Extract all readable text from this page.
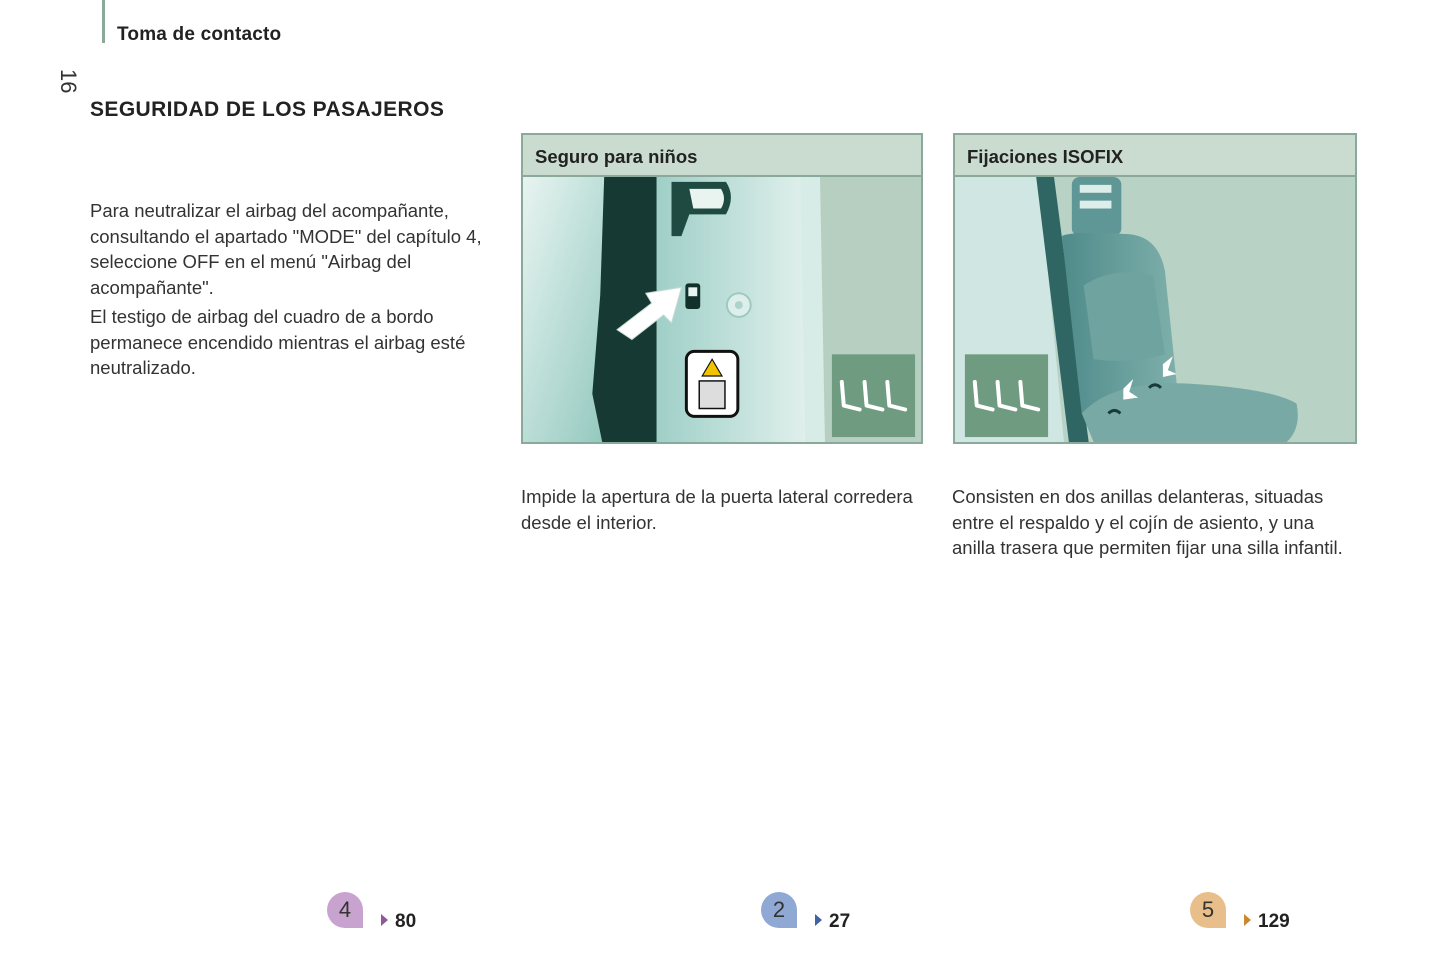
Toma de contacto
16
SEGURIDAD DE LOS PASAJEROS

Para neutralizar el airbag del acompañante, consultando el apartado "MODE" del capítulo 4, seleccione OFF en el menú "Airbag del acompañante".

El testigo de airbag del cuadro de a bordo permanece encendido mientras el airbag esté neutralizado.

Seguro para niños	Fijaciones ISOFIX
Impide la apertura de la puerta lateral corredera desde el interior.
Consisten en dos anillas delanteras, situadas entre el respaldo y el cojín de asiento, y una anilla trasera que permiten fijar una silla infantil.
4	80	2	27	5	129
